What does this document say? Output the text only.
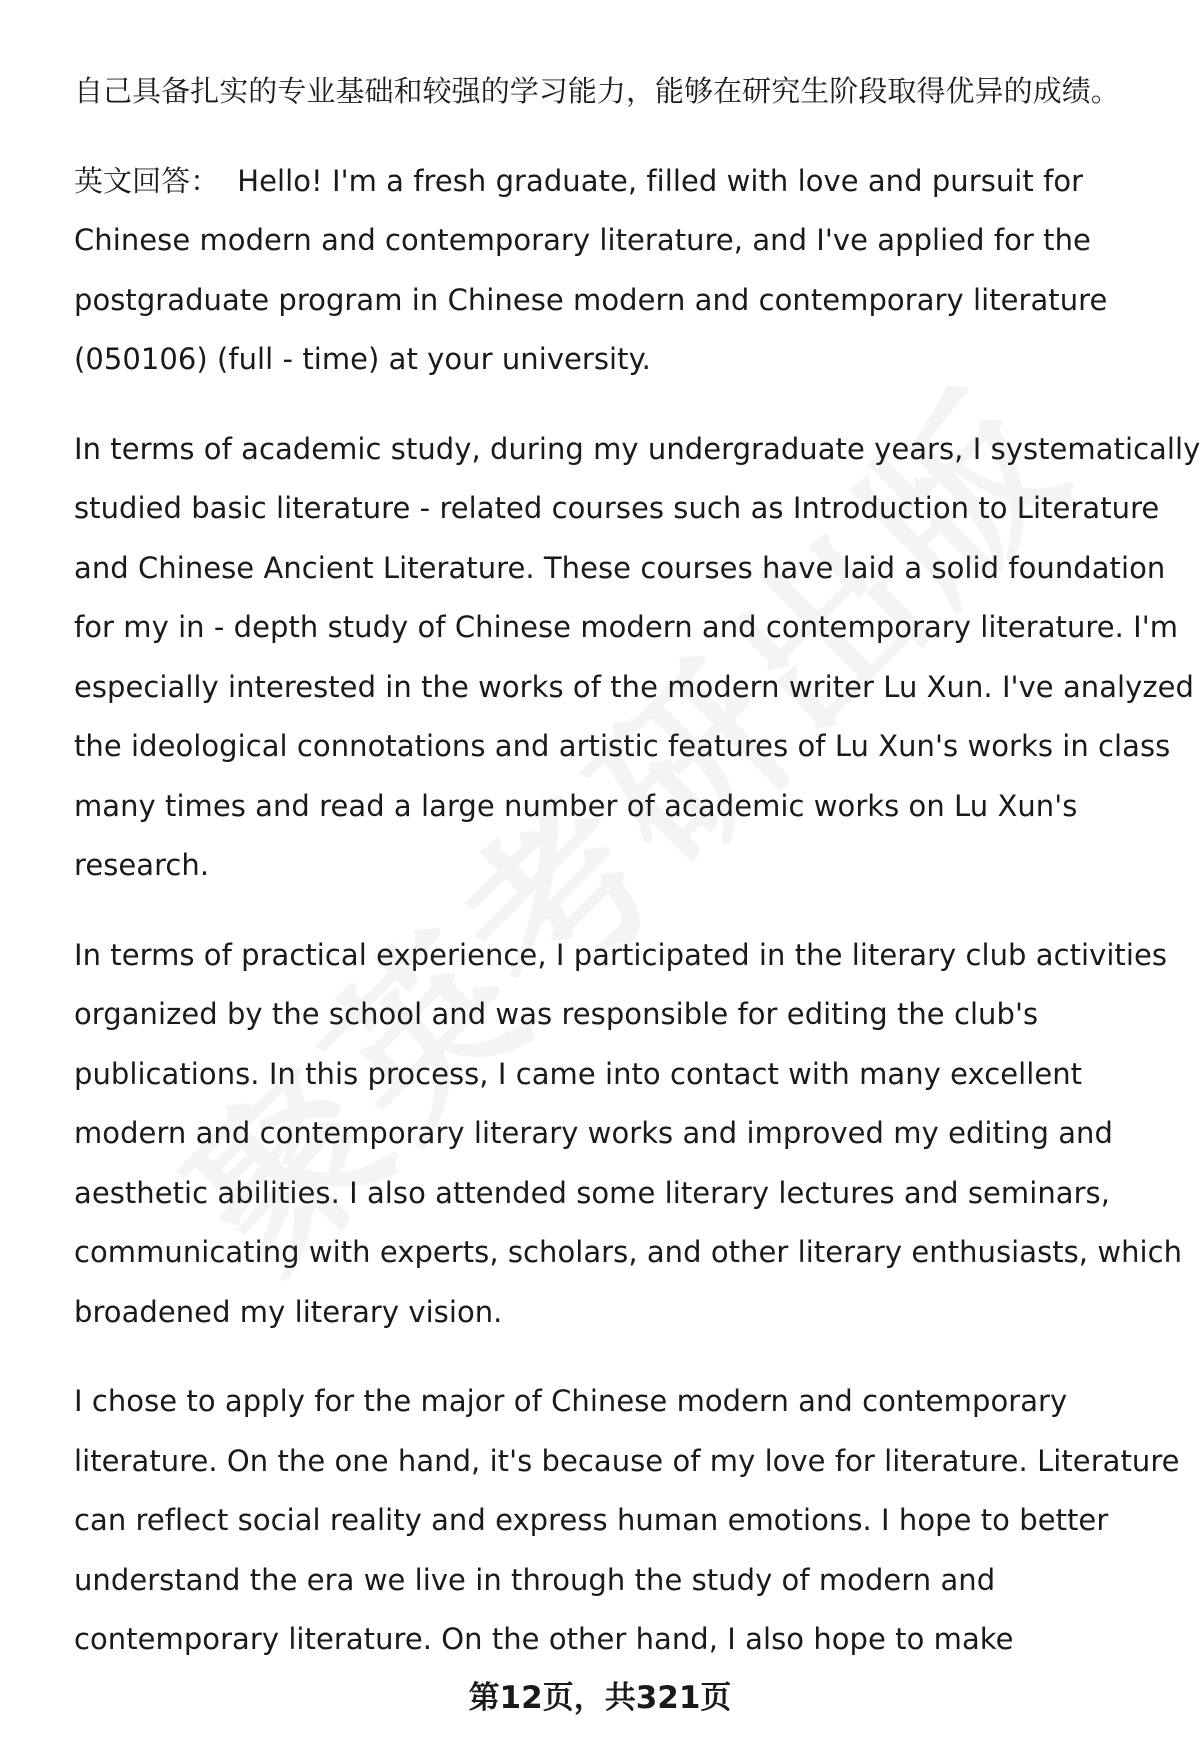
自己具备扎实的专业基础和较强的学习能力，能够在研究生阶段取得优异的成绩。

英文回答： Hello! I'm a fresh graduate, filled with love and pursuit for
Chinese modern and contemporary literature, and I've applied for the
postgraduate program in Chinese modern and contemporary literature
(050106) (full - time) at your university.

In terms of academic study, during my undergraduate years, I systematically
studied basic literature - related courses such as Introduction to Literature
and Chinese Ancient Literature. These courses have laid a solid foundation
for my in - depth study of Chinese modern and contemporary literature. I'm
especially interested in the works of the modern writer Lu Xun. I've analyzed
the ideological connotations and artistic features of Lu Xun's works in class
many times and read a large number of academic works on Lu Xun's
research.

In terms of practical experience, I participated in the literary club activities
organized by the school and was responsible for editing the club's
publications. In this process, I came into contact with many excellent
modern and contemporary literary works and improved my editing and
aesthetic abilities. I also attended some literary lectures and seminars,
communicating with experts, scholars, and other literary enthusiasts, which
broadened my literary vision.

I chose to apply for the major of Chinese modern and contemporary
literature. On the one hand, it's because of my love for literature. Literature
can reflect social reality and express human emotions. I hope to better
understand the era we live in through the study of modern and
contemporary literature. On the other hand, I also hope to make

第12页，共321页
